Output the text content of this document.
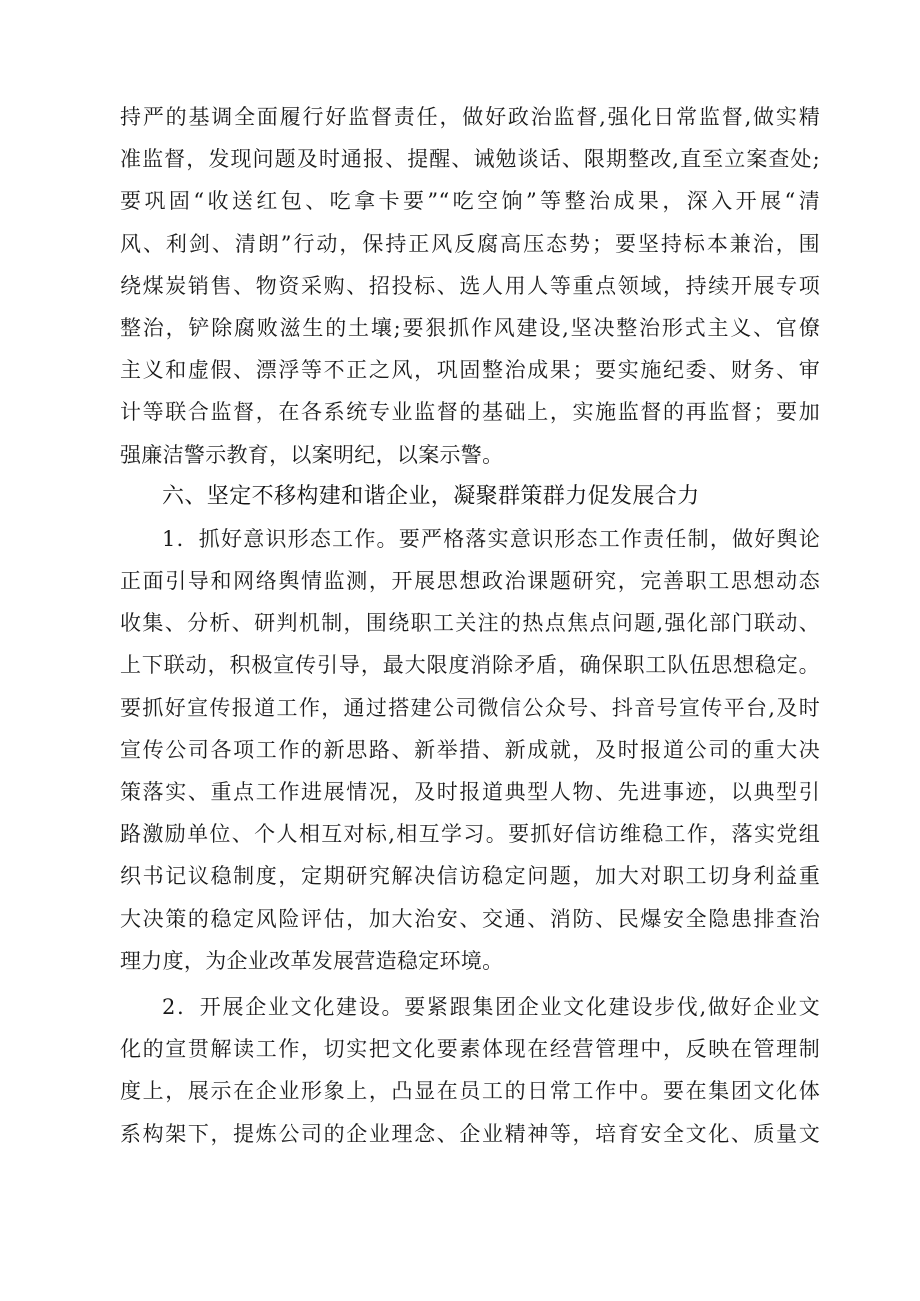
持严的基调全面履行好监督责任，做好政治监督,强化日常监督,做实精
准监督，发现问题及时通报、提醒、诫勉谈话、限期整改,直至立案查处;
要巩固“收送红包、吃拿卡要”“吃空饷”等整治成果，深入开展“清
风、利剑、清朗”行动，保持正风反腐高压态势；要坚持标本兼治，围
绕煤炭销售、物资采购、招投标、选人用人等重点领域，持续开展专项
整治，铲除腐败滋生的土壤;要狠抓作风建设,坚决整治形式主义、官僚
主义和虚假、漂浮等不正之风，巩固整治成果；要实施纪委、财务、审
计等联合监督，在各系统专业监督的基础上，实施监督的再监督；要加
强廉洁警示教育，以案明纪，以案示警。
六、坚定不移构建和谐企业，凝聚群策群力促发展合力
1．抓好意识形态工作。要严格落实意识形态工作责任制，做好舆论
正面引导和网络舆情监测，开展思想政治课题研究，完善职工思想动态
收集、分析、研判机制，围绕职工关注的热点焦点问题,强化部门联动、
上下联动，积极宣传引导，最大限度消除矛盾，确保职工队伍思想稳定。
要抓好宣传报道工作，通过搭建公司微信公众号、抖音号宣传平台,及时
宣传公司各项工作的新思路、新举措、新成就，及时报道公司的重大决
策落实、重点工作进展情况，及时报道典型人物、先进事迹，以典型引
路激励单位、个人相互对标,相互学习。要抓好信访维稳工作，落实党组
织书记议稳制度，定期研究解决信访稳定问题，加大对职工切身利益重
大决策的稳定风险评估，加大治安、交通、消防、民爆安全隐患排查治
理力度，为企业改革发展营造稳定环境。
2．开展企业文化建设。要紧跟集团企业文化建设步伐,做好企业文
化的宣贯解读工作，切实把文化要素体现在经营管理中，反映在管理制
度上，展示在企业形象上，凸显在员工的日常工作中。要在集团文化体
系构架下，提炼公司的企业理念、企业精神等，培育安全文化、质量文
